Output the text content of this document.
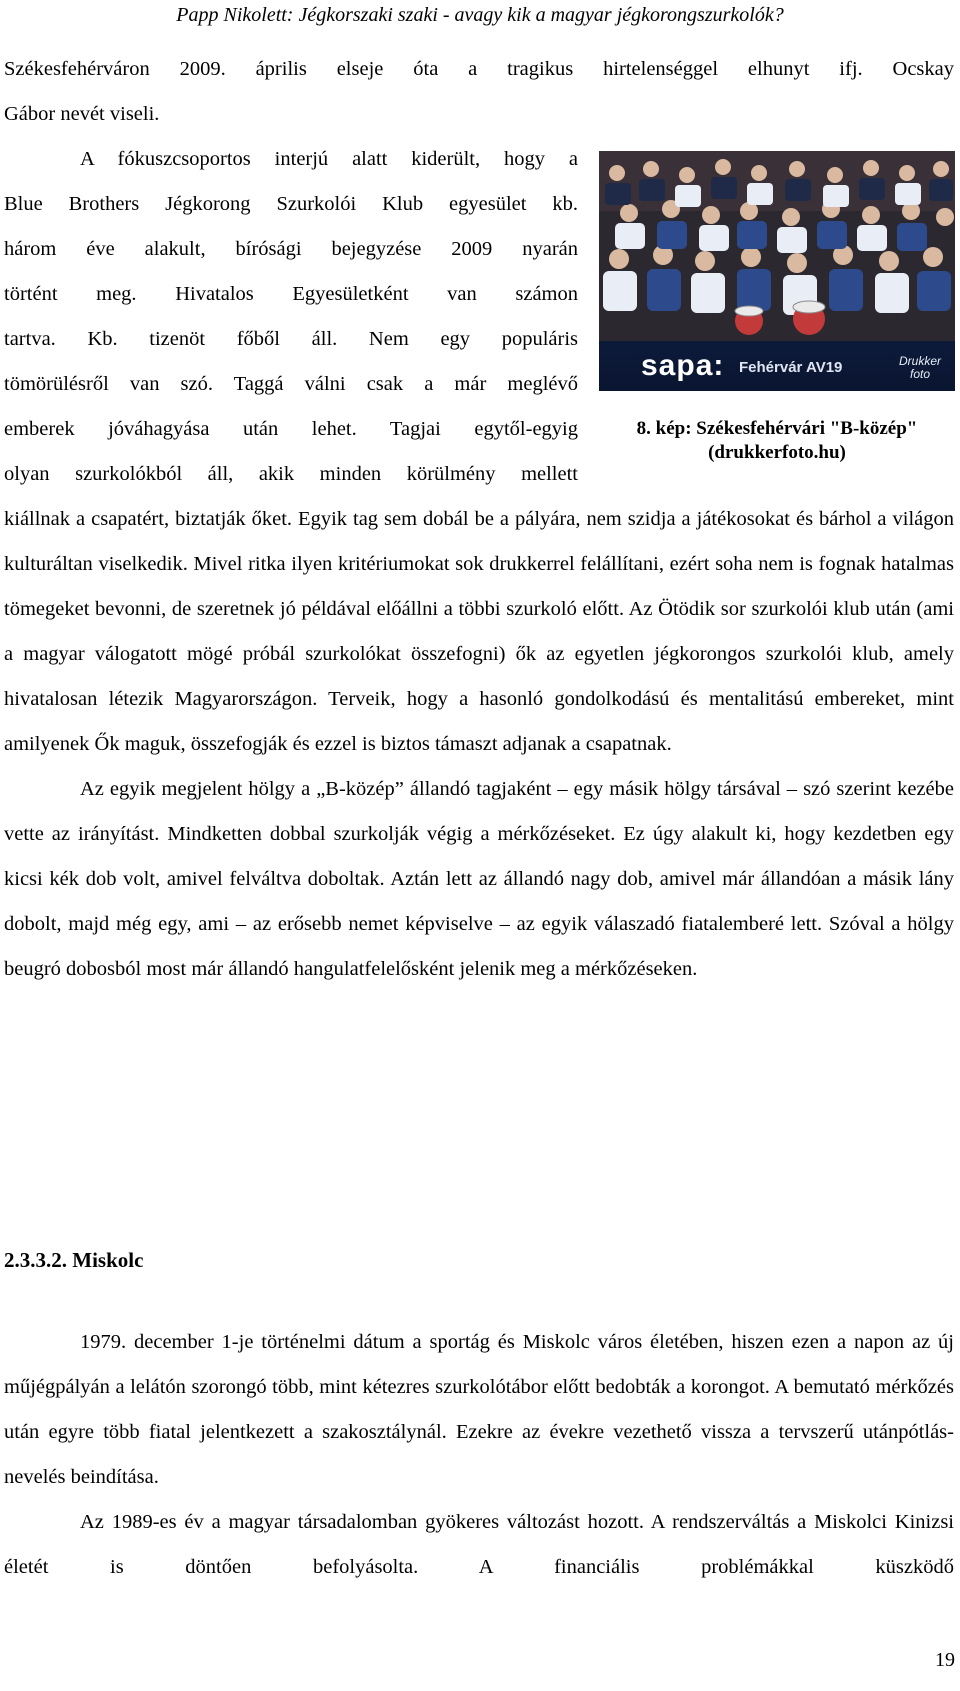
Papp Nikolett: Jégkorszaki szaki - avagy kik a magyar jégkorongszurkolók?

Székesfehérváron 2009. április elseje óta a tragikus hirtelenséggel elhunyt ifj. Ocskay

Gábor nevét viseli.

A fókuszcsoportos interjú alatt kiderült, hogy a

Blue Brothers Jégkorong Szurkolói Klub egyesület kb.

három éve alakult, bírósági bejegyzése 2009 nyarán

történt meg. Hivatalos Egyesületként van számon

tartva. Kb. tizenöt főből áll. Nem egy populáris

tömörülésről van szó. Taggá válni csak a már meglévő

emberek jóváhagyása után lehet. Tagjai egytől-egyig

olyan szurkolókból áll, akik minden körülmény mellett

sapa: Fehérvár AV19	Drukker
foto
8. kép: Székesfehérvári "B-közép"
(drukkerfoto.hu)

kiállnak a csapatért, biztatják őket. Egyik tag sem dobál be a pályára, nem szidja a játékosokat és bárhol a világon kulturáltan viselkedik. Mivel ritka ilyen kritériumokat sok drukkerrel felállítani, ezért soha nem is fognak hatalmas tömegeket bevonni, de szeretnek jó példával előállni a többi szurkoló előtt. Az Ötödik sor szurkolói klub után (ami a magyar válogatott mögé próbál szurkolókat összefogni) ők az egyetlen jégkorongos szurkolói klub, amely hivatalosan létezik Magyarországon. Terveik, hogy a hasonló gondolkodású és mentalitású embereket, mint amilyenek Ők maguk, összefogják és ezzel is biztos támaszt adjanak a csapatnak.

Az egyik megjelent hölgy a „B-közép” állandó tagjaként – egy másik hölgy társával – szó szerint kezébe vette az irányítást. Mindketten dobbal szurkolják végig a mérkőzéseket. Ez úgy alakult ki, hogy kezdetben egy kicsi kék dob volt, amivel felváltva doboltak. Aztán lett az állandó nagy dob, amivel már állandóan a másik lány dobolt, majd még egy, ami – az erősebb nemet képviselve – az egyik válaszadó fiatalemberé lett. Szóval a hölgy beugró dobosból most már állandó hangulatfelelősként jelenik meg a mérkőzéseken.

2.3.3.2. Miskolc

1979. december 1-je történelmi dátum a sportág és Miskolc város életében, hiszen ezen a napon az új műjégpályán a lelátón szorongó több, mint kétezres szurkolótábor előtt bedobták a korongot. A bemutató mérkőzés után egyre több fiatal jelentkezett a szakosztálynál. Ezekre az évekre vezethető vissza a tervszerű utánpótlás-nevelés beindítása.

Az 1989-es év a magyar társadalomban gyökeres változást hozott. A rendszerváltás a Miskolci Kinizsi életét is döntően befolyásolta. A financiális problémákkal küszködő

19
